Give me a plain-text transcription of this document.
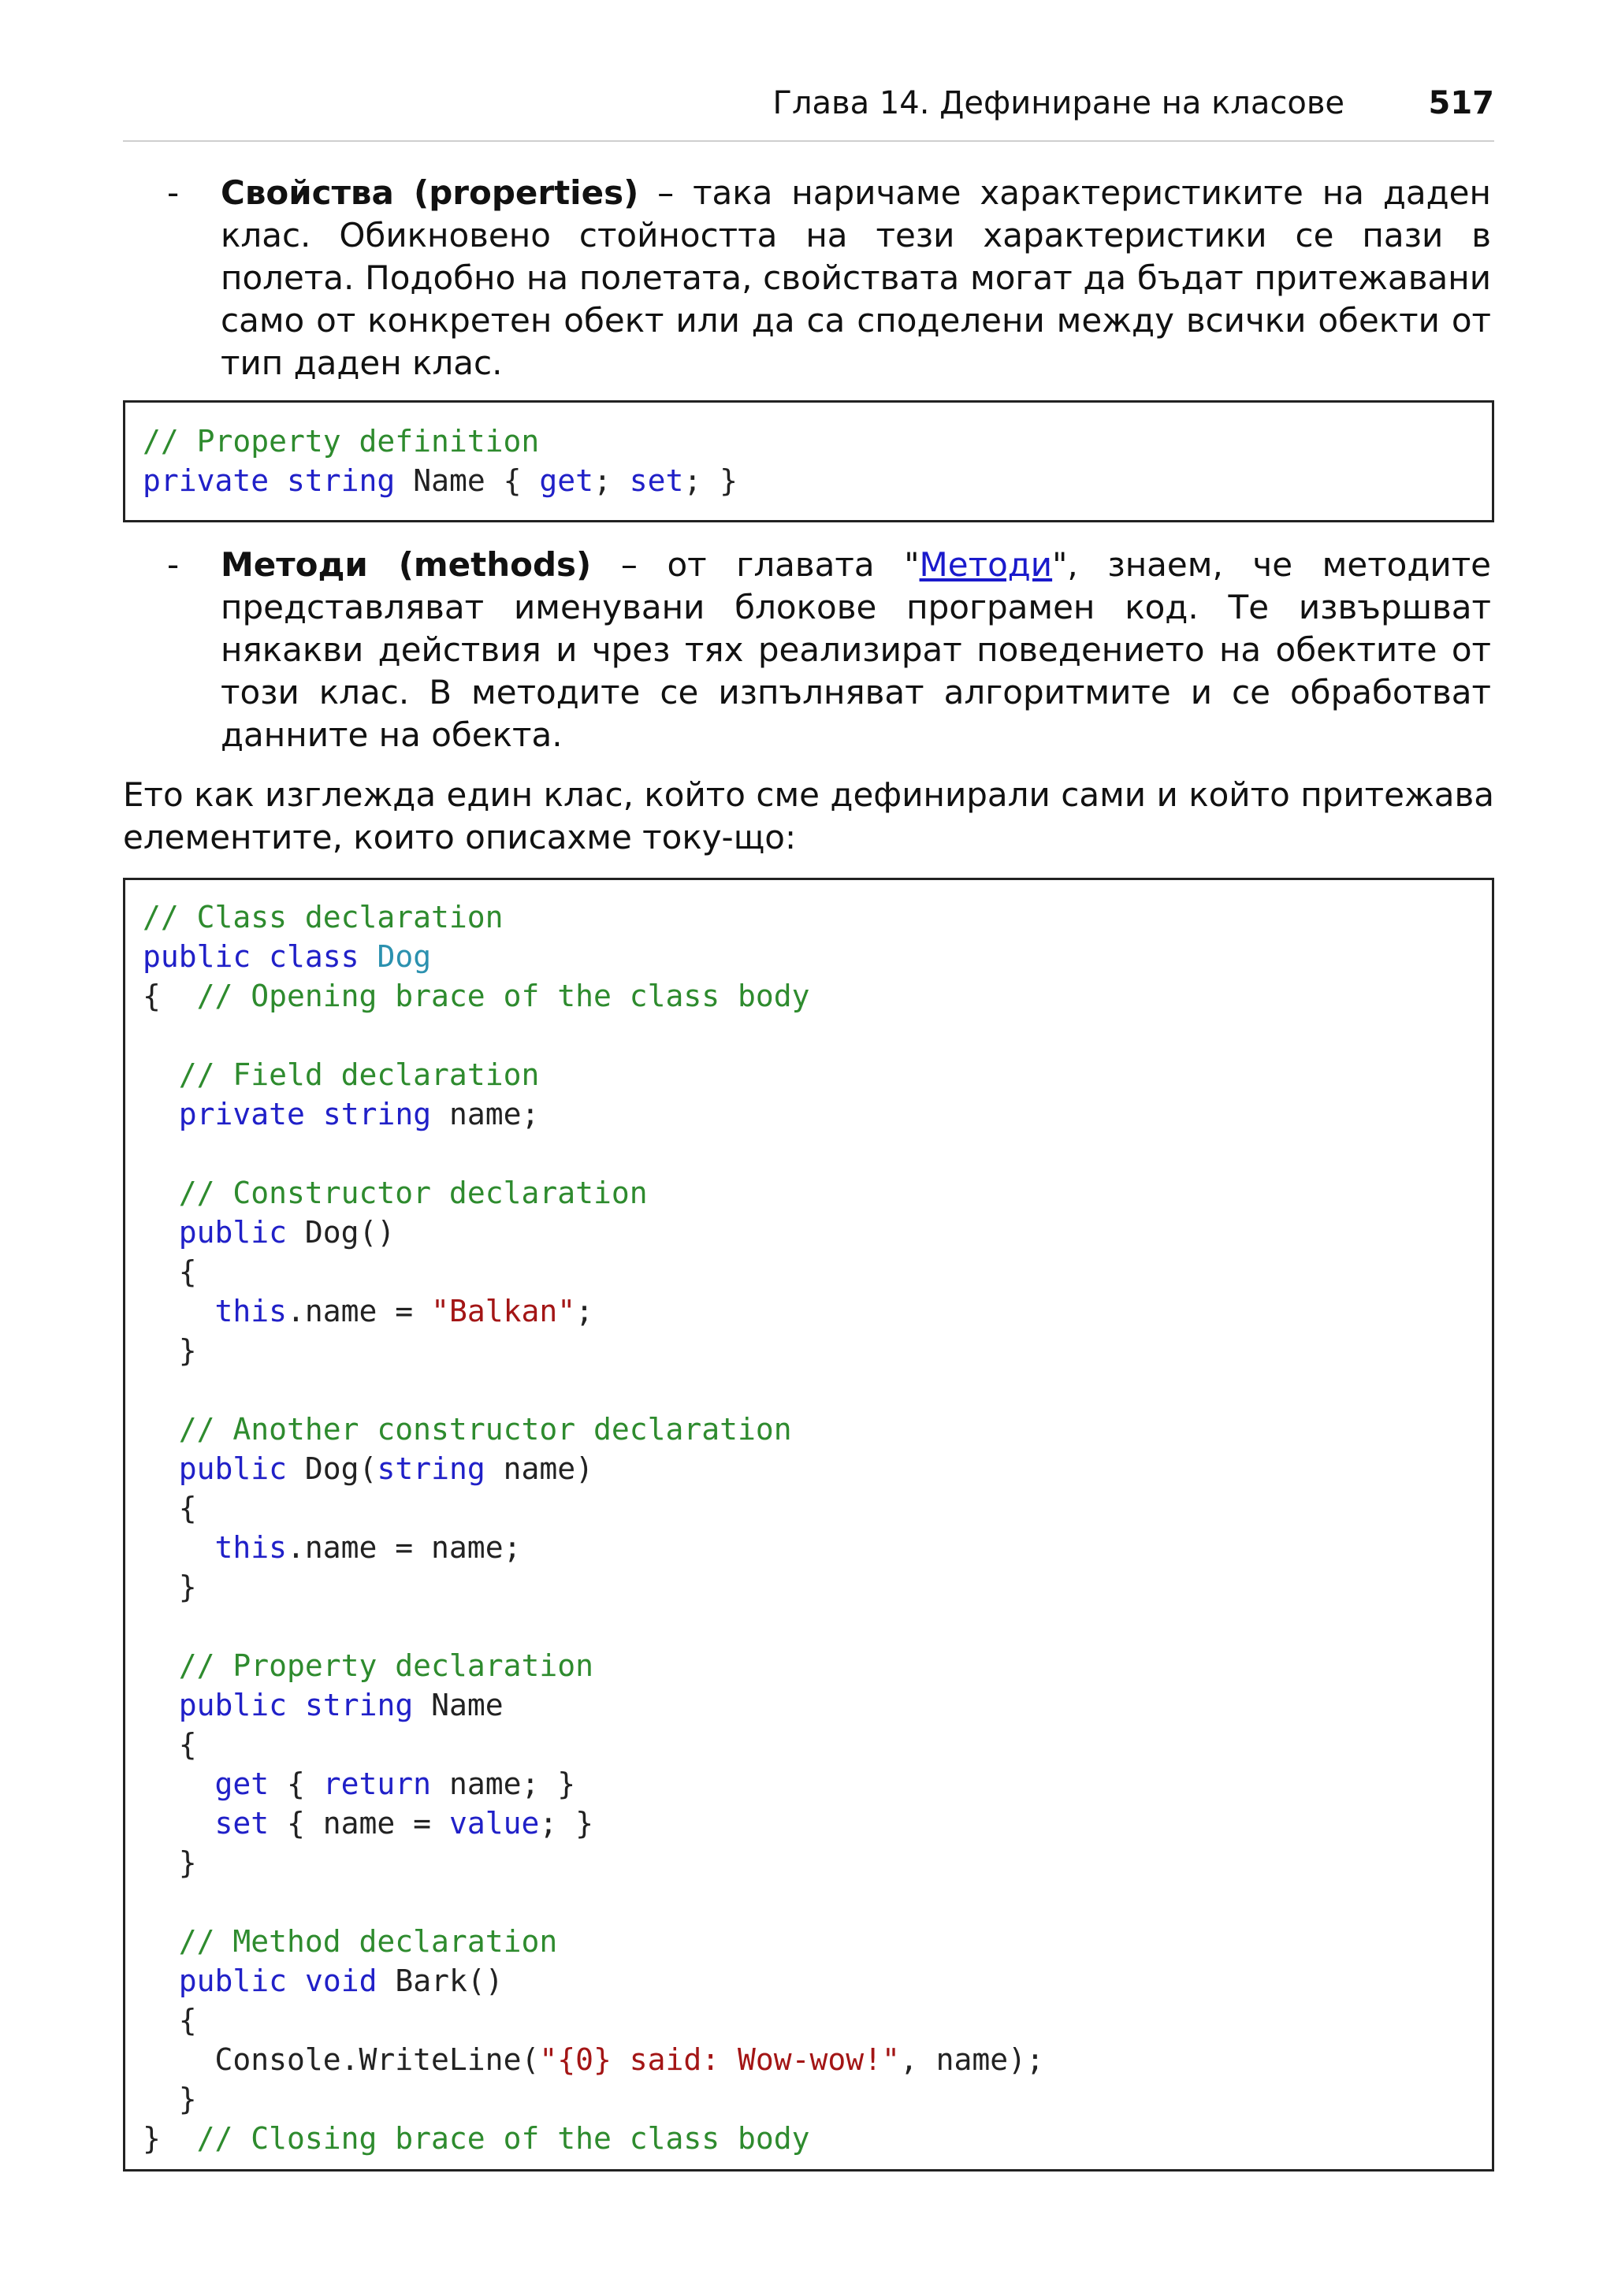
Глава 14. Дефиниране на класове	517
- Свойства (properties) – така наричаме характеристиките на даден клас. Обикновено стойността на тези характеристики се пази в полета. Подобно на полетата, свойствата могат да бъдат притежавани само от конкретен обект или да са споделени между всички обекти от тип даден клас.
// Property definition
private string Name { get; set; }
- Методи (methods) – от главата "Методи", знаем, че методите представляват именувани блокове програмен код. Те извършват някакви действия и чрез тях реализират поведението на обектите от този клас. В методите се изпълняват алгоритмите и се обработват данните на обекта.
Ето как изглежда един клас, който сме дефинирали сами и който притежава елементите, които описахме току-що:
// Class declaration
public class Dog
{  // Opening brace of the class body

// Field declaration
private string name;

// Constructor declaration
public Dog()
{
this.name = "Balkan";
}

// Another constructor declaration
public Dog(string name)
{
this.name = name;
}

// Property declaration
public string Name
{
get { return name; }
set { name = value; }
}

// Method declaration
public void Bark()
{
Console.WriteLine("{0} said: Wow-wow!", name);
}
}  // Closing brace of the class body
